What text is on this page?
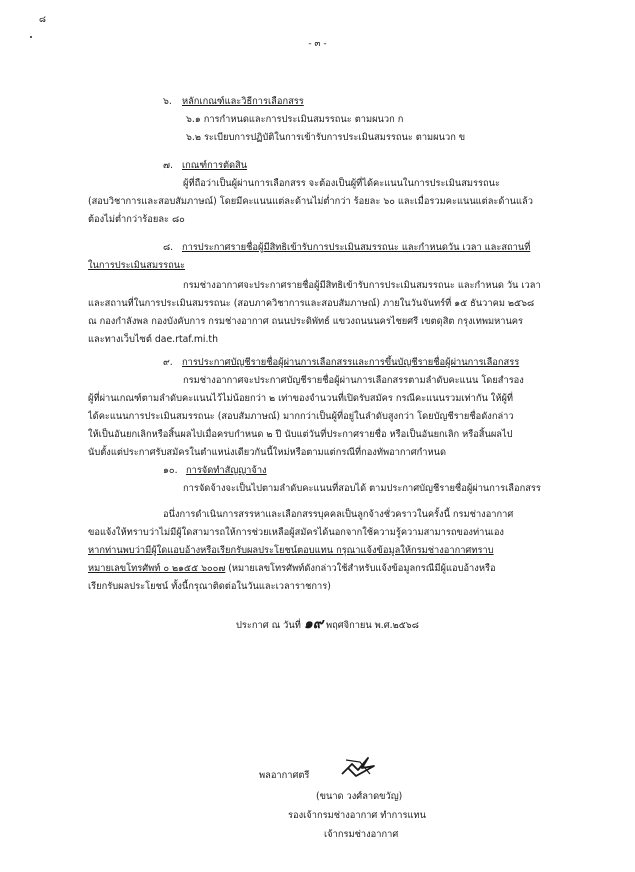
๘
- ๓ -
๖. หลักเกณฑ์และวิธีการเลือกสรร
๖.๑ การกำหนดและการประเมินสมรรถนะ ตามผนวก ก
๖.๒ ระเบียบการปฏิบัติในการเข้ารับการประเมินสมรรถนะ ตามผนวก ข
๗. เกณฑ์การตัดสิน
ผู้ที่ถือว่าเป็นผู้ผ่านการเลือกสรร จะต้องเป็นผู้ที่ได้คะแนนในการประเมินสมรรถนะ
(สอบวิชาการและสอบสัมภาษณ์) โดยมีคะแนนแต่ละด้านไม่ต่ำกว่า ร้อยละ ๖๐ และเมื่อรวมคะแนนแต่ละด้านแล้ว
ต้องไม่ต่ำกว่าร้อยละ ๘๐
๘. การประกาศรายชื่อผู้มีสิทธิเข้ารับการประเมินสมรรถนะ และกำหนดวัน เวลา และสถานที่
ในการประเมินสมรรถนะ
กรมช่างอากาศจะประกาศรายชื่อผู้มีสิทธิเข้ารับการประเมินสมรรถนะ และกำหนด วัน เวลา
และสถานที่ในการประเมินสมรรถนะ (สอบภาควิชาการและสอบสัมภาษณ์) ภายในวันจันทร์ที่ ๑๕ ธันวาคม ๒๕๖๘
ณ กองกำลังพล กองบังคับการ กรมช่างอากาศ ถนนประดิพัทธ์ แขวงถนนนครไชยศรี เขตดุสิต กรุงเทพมหานคร
และทางเว็บไซต์ dae.rtaf.mi.th
๙. การประกาศบัญชีรายชื่อผู้ผ่านการเลือกสรรและการขึ้นบัญชีรายชื่อผู้ผ่านการเลือกสรร
กรมช่างอากาศจะประกาศบัญชีรายชื่อผู้ผ่านการเลือกสรรตามลำดับคะแนน โดยสำรอง
ผู้ที่ผ่านเกณฑ์ตามลำดับคะแนนไว้ไม่น้อยกว่า ๒ เท่าของจำนวนที่เปิดรับสมัคร กรณีคะแนนรวมเท่ากัน ให้ผู้ที่
ได้คะแนนการประเมินสมรรถนะ (สอบสัมภาษณ์) มากกว่าเป็นผู้ที่อยู่ในลำดับสูงกว่า โดยบัญชีรายชื่อดังกล่าว
ให้เป็นอันยกเลิกหรือสิ้นผลไปเมื่อครบกำหนด ๒ ปี นับแต่วันที่ประกาศรายชื่อ หรือเป็นอันยกเลิก หรือสิ้นผลไป
นับตั้งแต่ประกาศรับสมัครในตำแหน่งเดียวกันนี้ใหม่หรือตามแต่กรณีที่กองทัพอากาศกำหนด
๑๐. การจัดทำสัญญาจ้าง
การจัดจ้างจะเป็นไปตามลำดับคะแนนที่สอบได้ ตามประกาศบัญชีรายชื่อผู้ผ่านการเลือกสรร
อนึ่งการดำเนินการสรรหาและเลือกสรรบุคคลเป็นลูกจ้างชั่วคราวในครั้งนี้ กรมช่างอากาศ
ขอแจ้งให้ทราบว่าไม่มีผู้ใดสามารถให้การช่วยเหลือผู้สมัครได้นอกจากใช้ความรู้ความสามารถของท่านเอง
หากท่านพบว่ามีผู้ใดแอบอ้างหรือเรียกรับผลประโยชน์ตอบแทน กรุณาแจ้งข้อมูลให้กรมช่างอากาศทราบ
หมายเลขโทรศัพท์ ๐ ๒๑๕๕ ๖๐๐๗ (หมายเลขโทรศัพท์ดังกล่าวใช้สำหรับแจ้งข้อมูลกรณีมีผู้แอบอ้างหรือ
เรียกรับผลประโยชน์ ทั้งนี้กรุณาติดต่อในวันและเวลาราชการ)
ประกาศ ณ วันที่ ๑๙ พฤศจิกายน พ.ศ.๒๕๖๘
พลอากาศตรี
(ขนาด วงศ์ลาดขวัญ)
รองเจ้ากรมช่างอากาศ ทำการแทน
เจ้ากรมช่างอากาศ
